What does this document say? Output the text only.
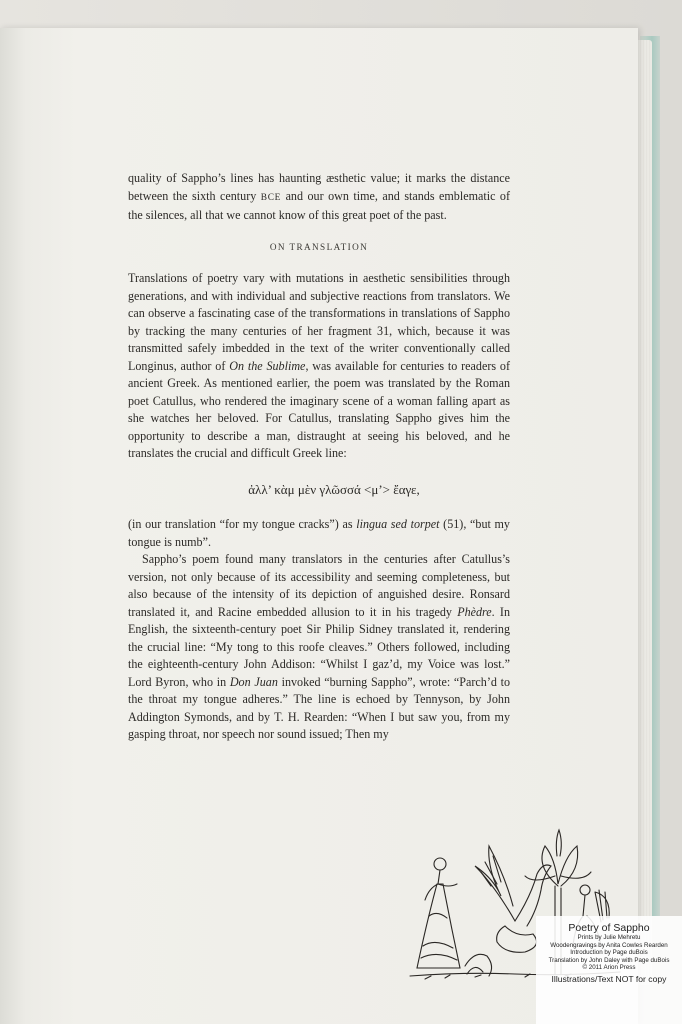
quality of Sappho’s lines has haunting æsthetic value; it marks the distance between the sixth century BCE and our own time, and stands emblematic of the silences, all that we cannot know of this great poet of the past.

ON TRANSLATION

Translations of poetry vary with mutations in aesthetic sensibilities through generations, and with individual and subjective reactions from translators. We can observe a fascinating case of the transformations in translations of Sappho by tracking the many centuries of her fragment 31, which, because it was transmitted safely imbedded in the text of the writer conventionally called Longinus, author of On the Sublime, was available for centuries to readers of ancient Greek. As mentioned earlier, the poem was translated by the Roman poet Catullus, who rendered the imaginary scene of a woman falling apart as she watches her beloved. For Catullus, translating Sappho gives him the opportunity to describe a man, distraught at seeing his beloved, and he translates the crucial and difficult Greek line:

ἀλλ’ κὰμ μὲν γλῶσσά <μ’> ἔαγε,

(in our translation “for my tongue cracks”) as lingua sed torpet (51), “but my tongue is numb”.

Sappho’s poem found many translators in the centuries after Catullus’s version, not only because of its accessibility and seeming completeness, but also because of the intensity of its depiction of anguished desire. Ronsard translated it, and Racine embedded allusion to it in his tragedy Phèdre. In English, the sixteenth-century poet Sir Philip Sidney translated it, rendering the crucial line: “My tong to this roofe cleaves.” Others followed, including the eighteenth-century John Addison: “Whilst I gaz’d, my Voice was lost.” Lord Byron, who in Don Juan invoked “burning Sappho”, wrote: “Parch’d to the throat my tongue adheres.” The line is echoed by Tennyson, by John Addington Symonds, and by T. H. Rearden: “When I but saw you, from my gasping throat, nor speech nor sound issued; Then my

Poetry of Sappho
Prints by Julie Mehretu
Woodengravings by Anita Cowles Rearden
Introduction by Page duBois
Translation by John Daley with Page duBois
© 2011 Arion Press
Illustrations/Text NOT for copy
